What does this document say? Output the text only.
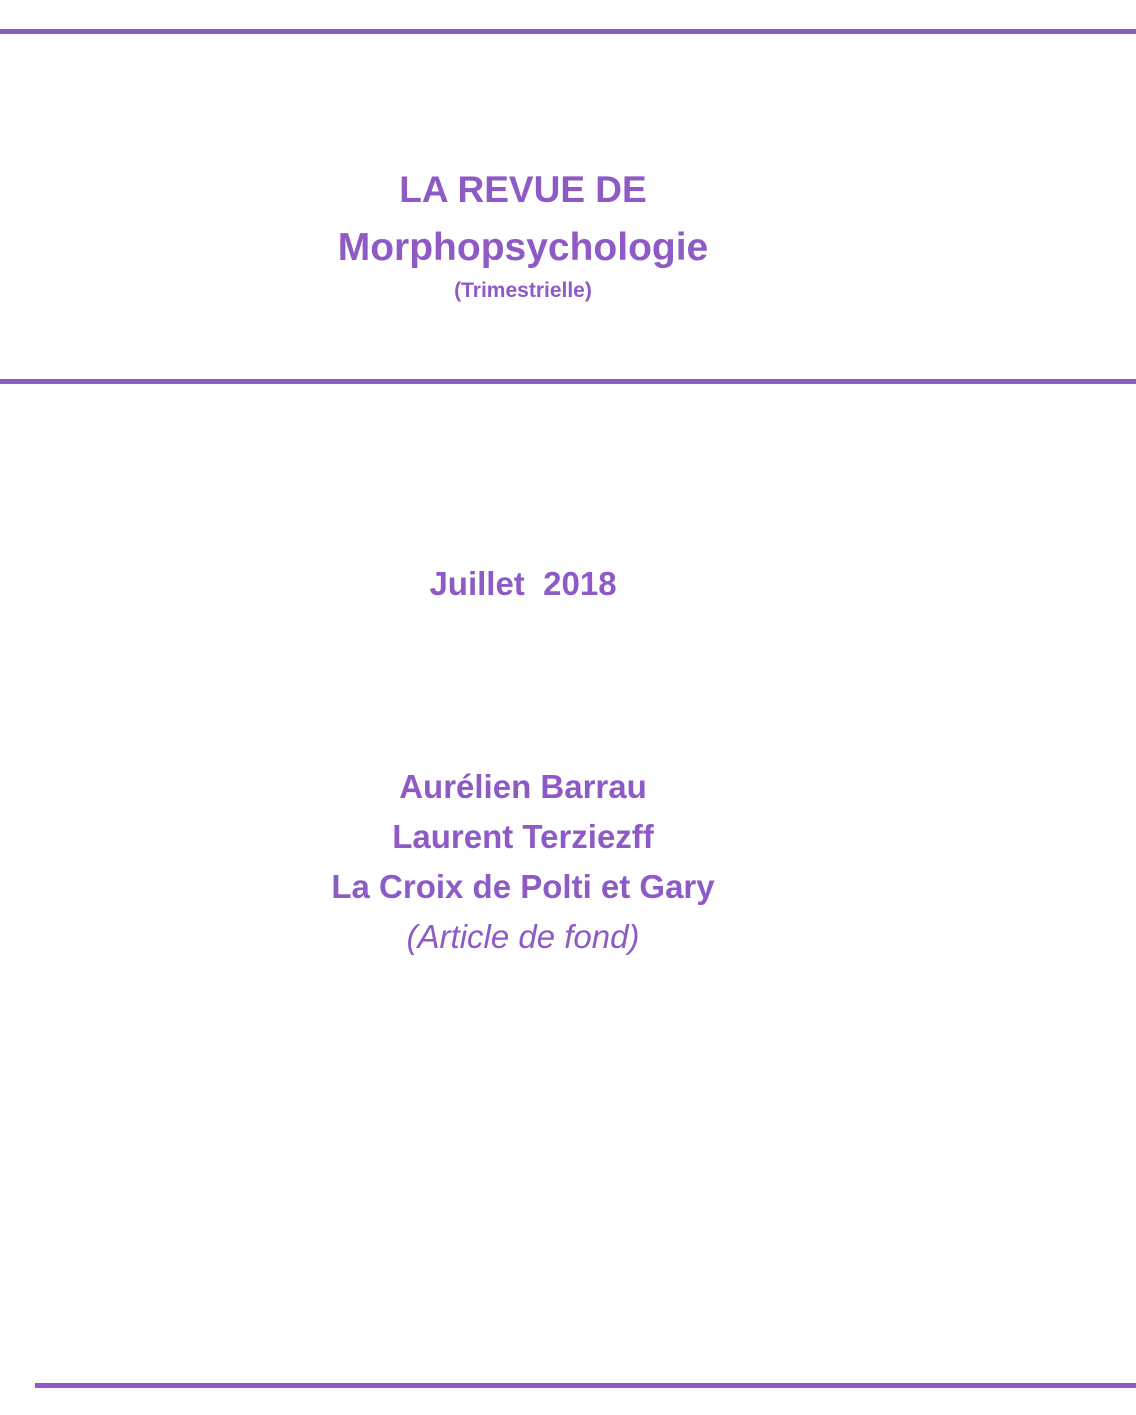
LA REVUE DE
Morphopsychologie
(Trimestrielle)
Juillet  2018
Aurélien Barrau
Laurent Terziezff
La Croix de Polti et Gary
(Article de fond)
